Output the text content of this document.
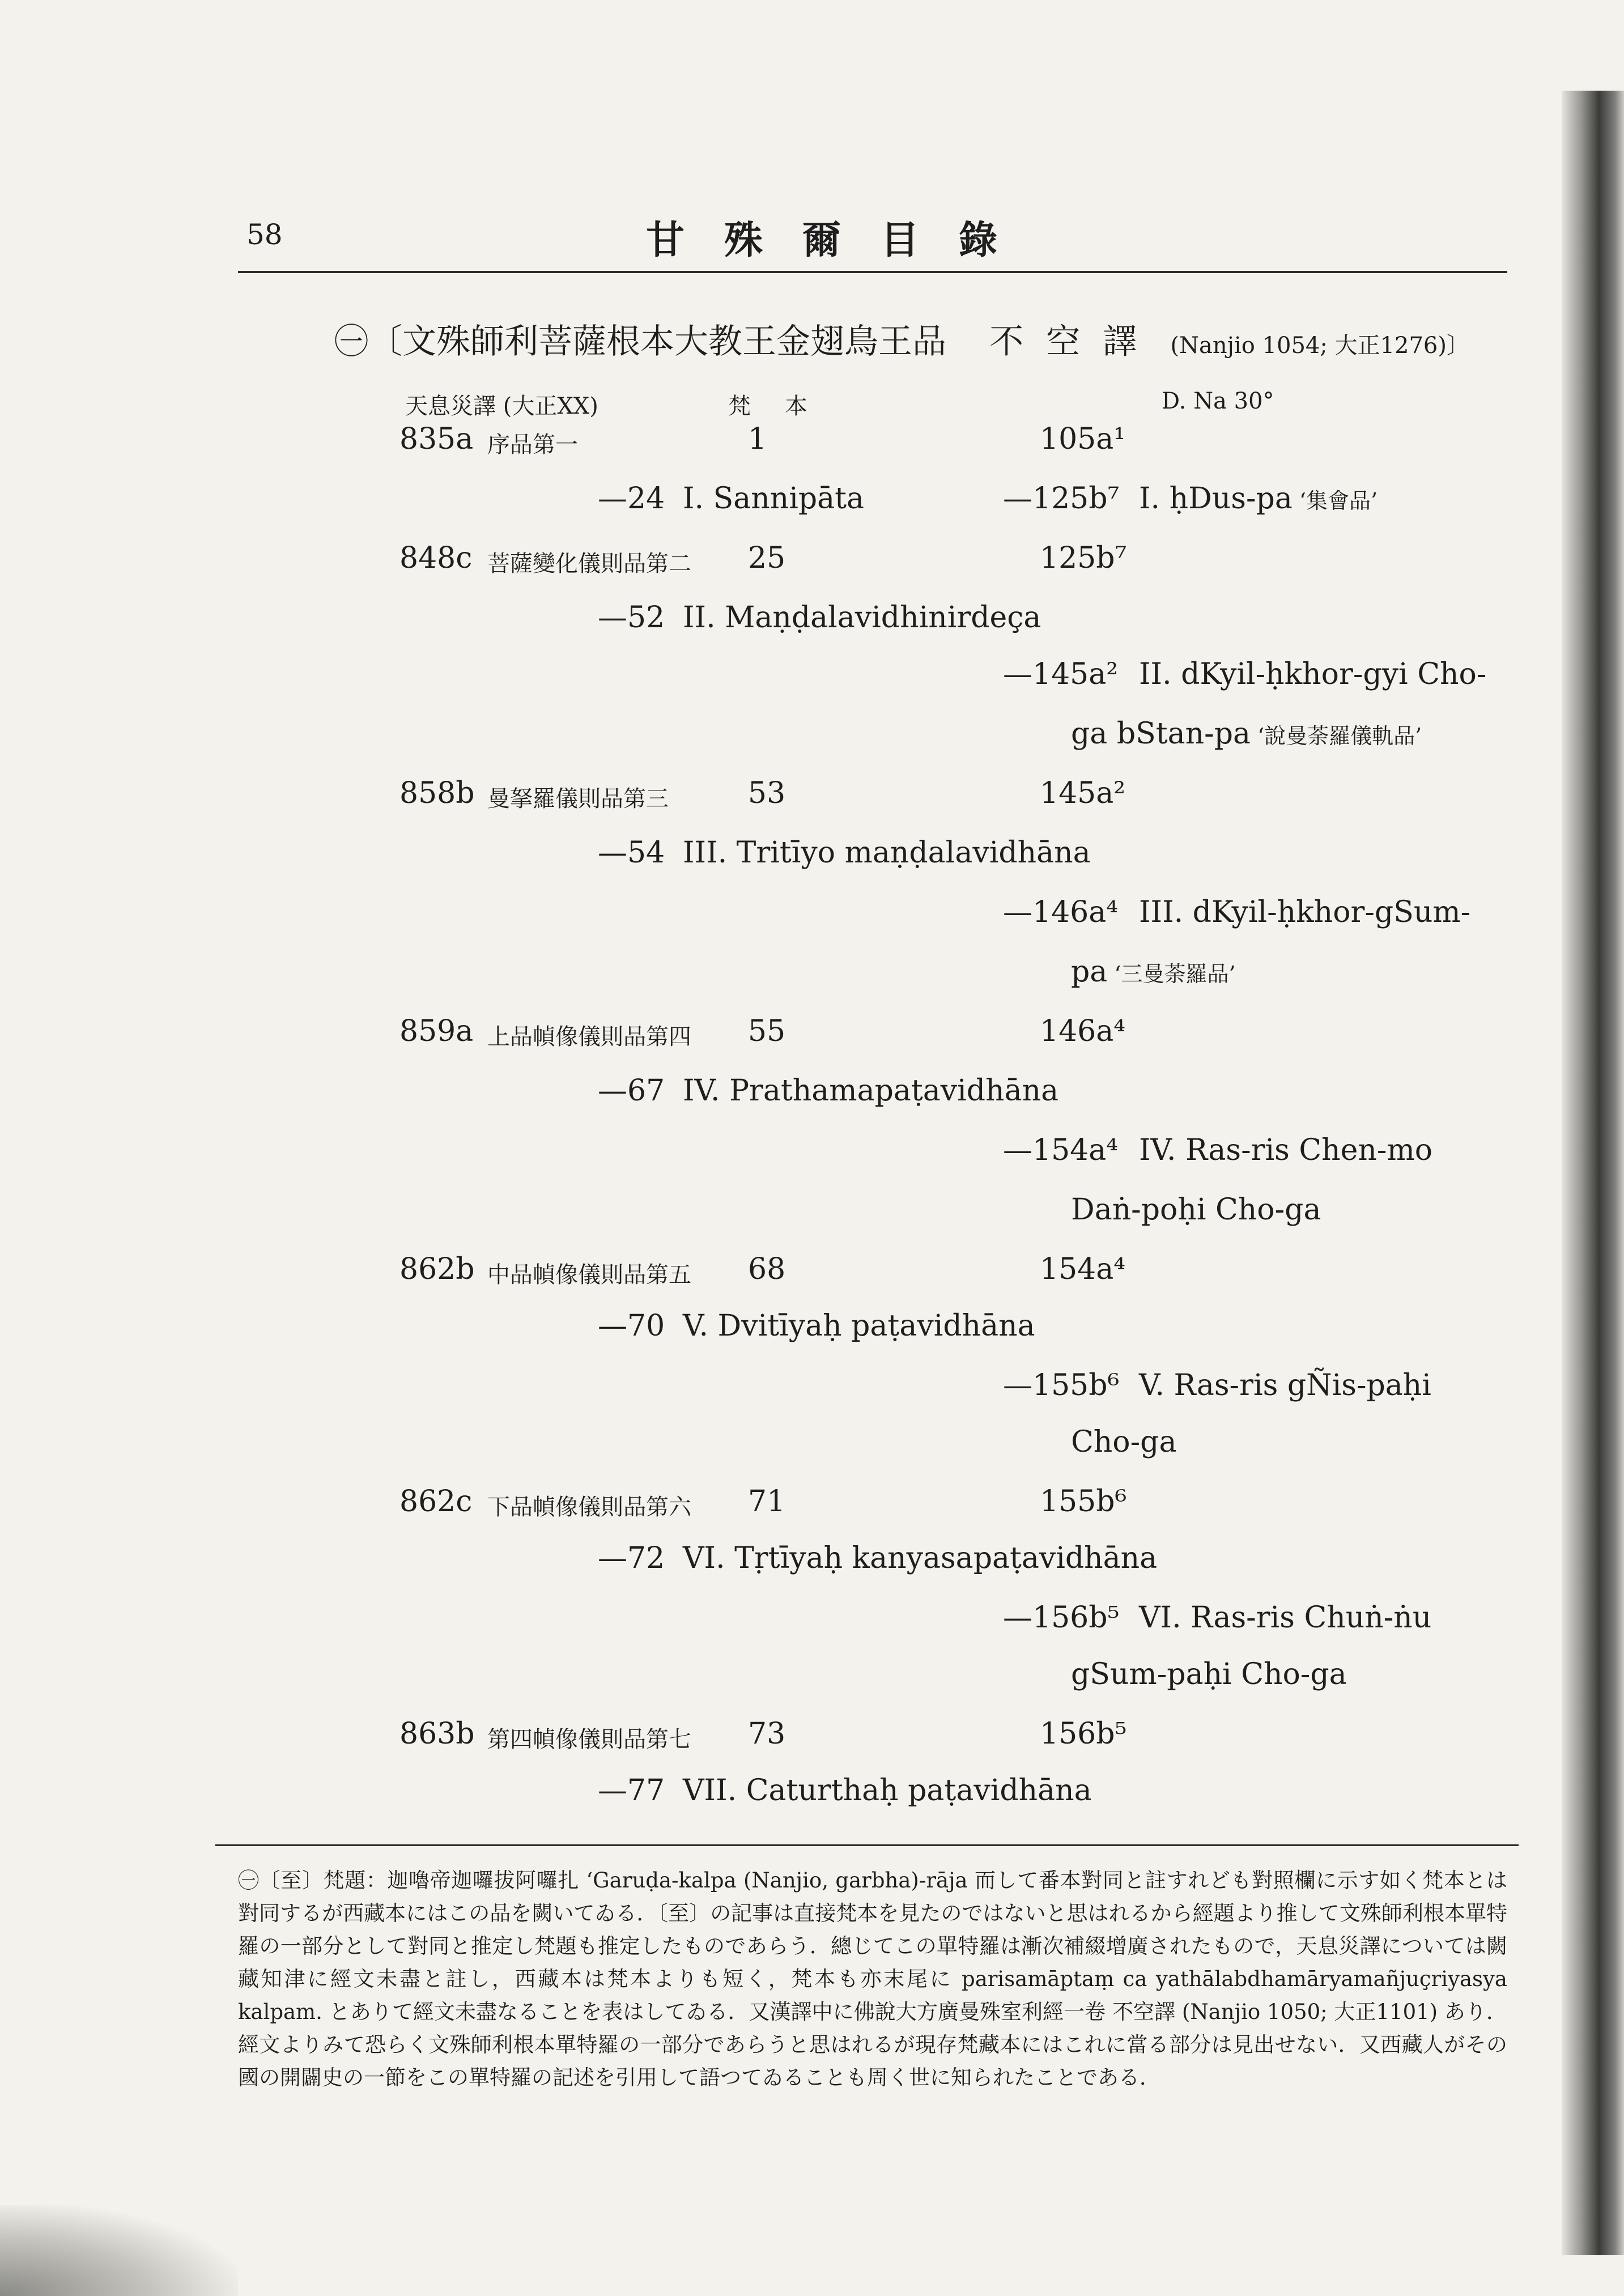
58	甘殊爾目錄
㊀〔文殊師利菩薩根本大教王金翅鳥王品 不空譯 (Nanjio 1054; 大正1276)〕
天息災譯 (大正XX)	梵本	D. Na 30°
835a 序品第一	1	105a¹
—24 I. Sannipāta	—125b⁷ I. ḥDus-pa ‘集會品’
848c 菩薩變化儀則品第二 25	125b⁷
—52 II. Maṇḍalavidhinirdeça
—145a² II. dKyil-ḥkhor-gyi Cho-
ga bStan-pa ‘說曼荼羅儀軌品’
858b 曼拏羅儀則品第三	53	145a²
—54 III. Tritīyo maṇḍalavidhāna
—146a⁴ III. dKyil-ḥkhor-gSum-
pa ‘三曼荼羅品’
859a 上品幀像儀則品第四 55	146a⁴
—67 IV. Prathamapaṭavidhāna
—154a⁴ IV. Ras-ris Chen-mo
Daṅ-poḥi Cho-ga
862b 中品幀像儀則品第五 68	154a⁴
—70 V. Dvitīyaḥ paṭavidhāna
—155b⁶ V. Ras-ris gÑis-paḥi
Cho-ga
862c 下品幀像儀則品第六 71	155b⁶
—72 VI. Tṛtīyaḥ kanyasapaṭavidhāna
—156b⁵ VI. Ras-ris Chuṅ-ṅu
gSum-paḥi Cho-ga
863b 第四幀像儀則品第七 73	156b⁵
—77 VII. Caturthaḥ paṭavidhāna
㊀〔至〕梵題：迦嚕帝迦囉拔阿囉扎 ‘Garuḍa-kalpa (Nanjio, garbha)-rāja 而して番本對同と註すれども對照欄に示す如く梵本とは對同するが西藏本にはこの品を闕いてゐる．〔至〕の記事は直接梵本を見たのではないと思はれるから經題より推して文殊師利根本單特羅の一部分として對同と推定し梵題も推定したものであらう．總じてこの單特羅は漸次補綴增廣されたもので，天息災譯については闕藏知津に經文未盡と註し，西藏本は梵本よりも短く，梵本も亦末尾に parisamāptaṃ ca yathālabdhamāryamañjuçriyasya kalpam. とありて經文未盡なることを表はしてゐる．又漢譯中に佛說大方廣曼殊室利經一卷 不空譯 (Nanjio 1050; 大正1101) あり．經文よりみて恐らく文殊師利根本單特羅の一部分であらうと思はれるが現存梵藏本にはこれに當る部分は見出せない．又西藏人がその國の開闢史の一節をこの單特羅の記述を引用して語つてゐることも周く世に知られたことである．
